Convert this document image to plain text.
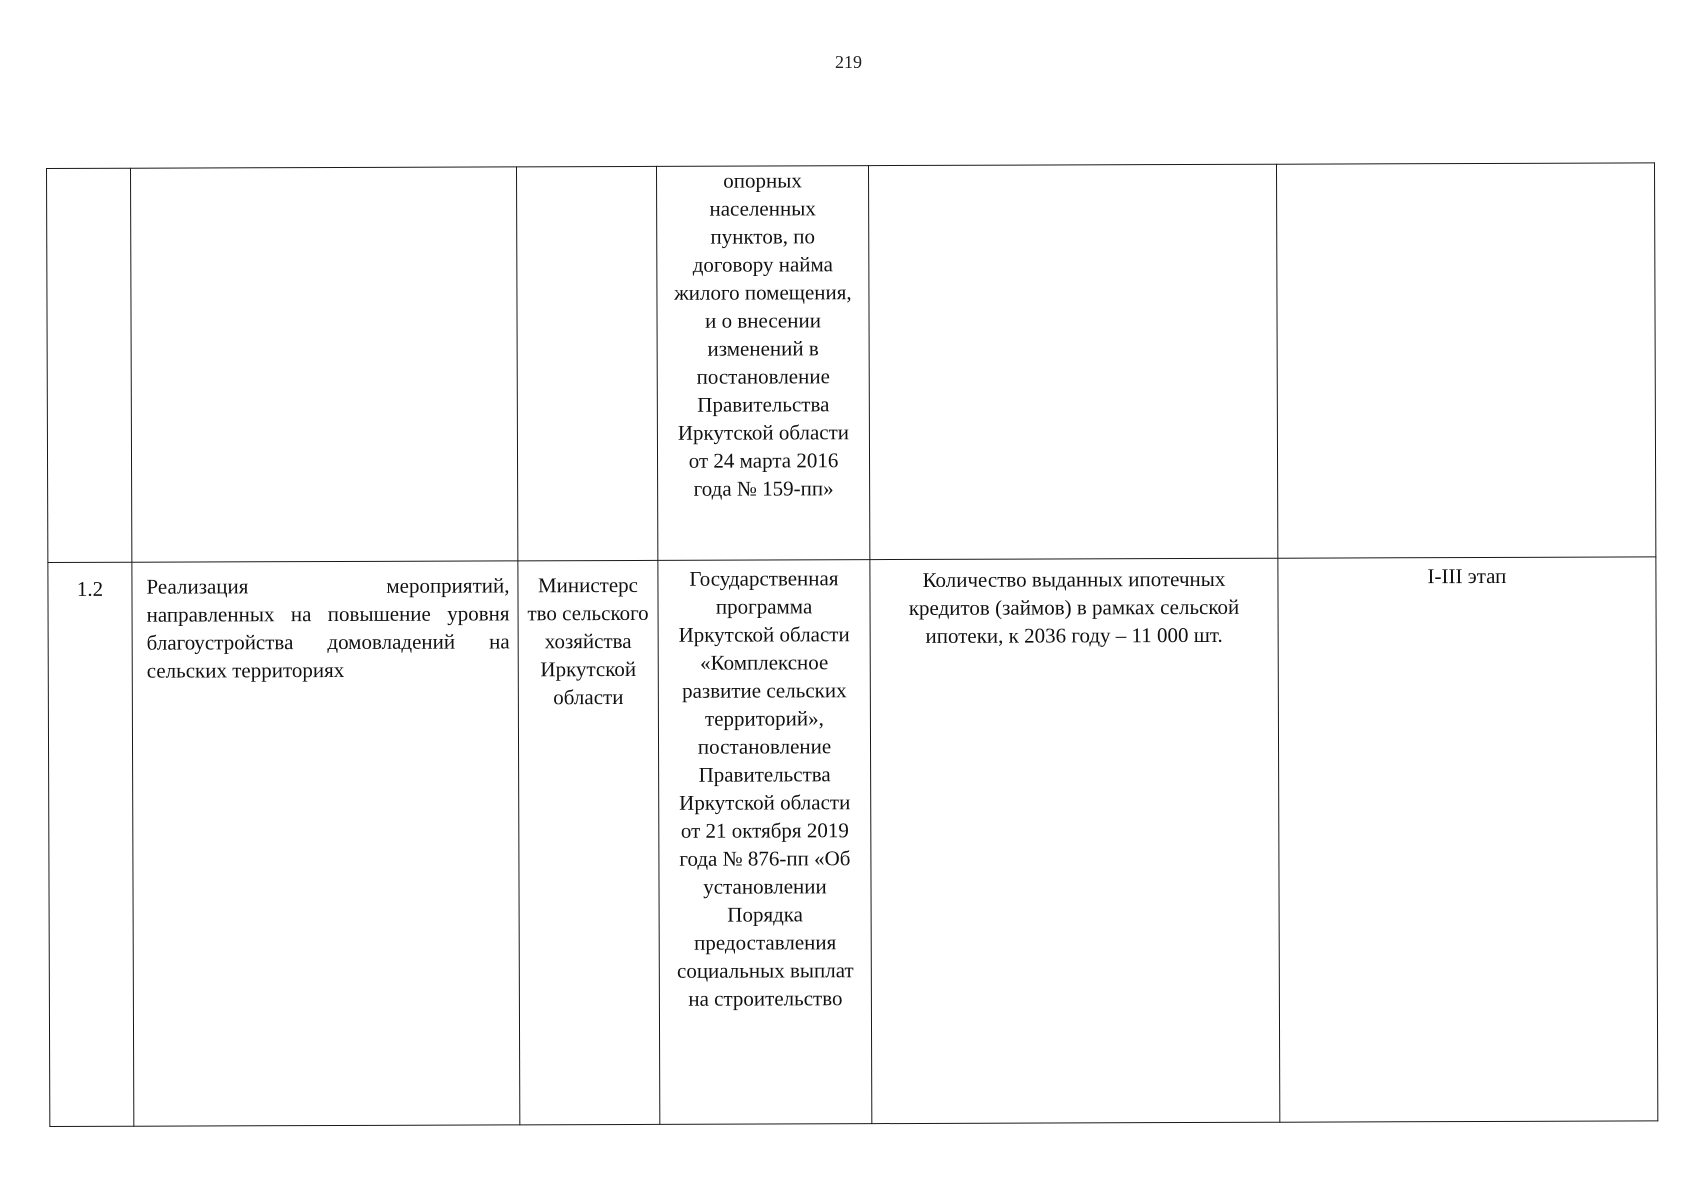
219
			опорных населенных пунктов, по договору найма жилого помещения, и о внесении изменений в постановление Правительства Иркутской области от 24 марта 2016 года № 159-пп»		
1.2	Реализация мероприятий, направленных на повышение уровня благоустройства домовладений на сельских территориях	Министерс тво сельского хозяйства Иркутской области	Государственная программа Иркутской области «Комплексное развитие сельских территорий», постановление Правительства Иркутской области от 21 октября 2019 года № 876-пп «Об установлении Порядка предоставления социальных выплат на строительство	Количество выданных ипотечных кредитов (займов) в рамках сельской ипотеки, к 2036 году – 11 000 шт.	I-III этап
